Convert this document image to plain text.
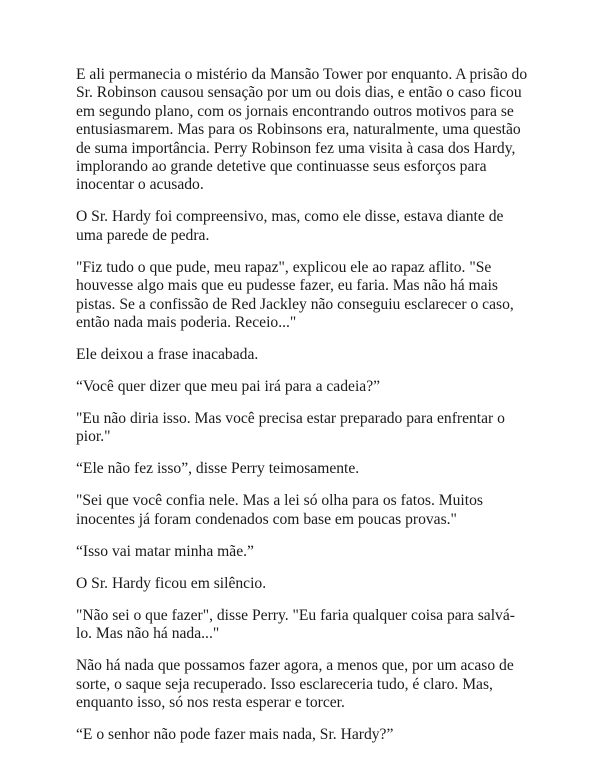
E ali permanecia o mistério da Mansão Tower por enquanto. A prisão do Sr. Robinson causou sensação por um ou dois dias, e então o caso ficou em segundo plano, com os jornais encontrando outros motivos para se entusiasmarem. Mas para os Robinsons era, naturalmente, uma questão de suma importância. Perry Robinson fez uma visita à casa dos Hardy, implorando ao grande detetive que continuasse seus esforços para inocentar o acusado.

O Sr. Hardy foi compreensivo, mas, como ele disse, estava diante de uma parede de pedra.

"Fiz tudo o que pude, meu rapaz", explicou ele ao rapaz aflito. "Se houvesse algo mais que eu pudesse fazer, eu faria. Mas não há mais pistas. Se a confissão de Red Jackley não conseguiu esclarecer o caso, então nada mais poderia. Receio..."

Ele deixou a frase inacabada.

“Você quer dizer que meu pai irá para a cadeia?”

"Eu não diria isso. Mas você precisa estar preparado para enfrentar o pior."

“Ele não fez isso”, disse Perry teimosamente.

"Sei que você confia nele. Mas a lei só olha para os fatos. Muitos inocentes já foram condenados com base em poucas provas."

“Isso vai matar minha mãe.”

O Sr. Hardy ficou em silêncio.

"Não sei o que fazer", disse Perry. "Eu faria qualquer coisa para salvá-lo. Mas não há nada..."

Não há nada que possamos fazer agora, a menos que, por um acaso de sorte, o saque seja recuperado. Isso esclareceria tudo, é claro. Mas, enquanto isso, só nos resta esperar e torcer.

“E o senhor não pode fazer mais nada, Sr. Hardy?”
